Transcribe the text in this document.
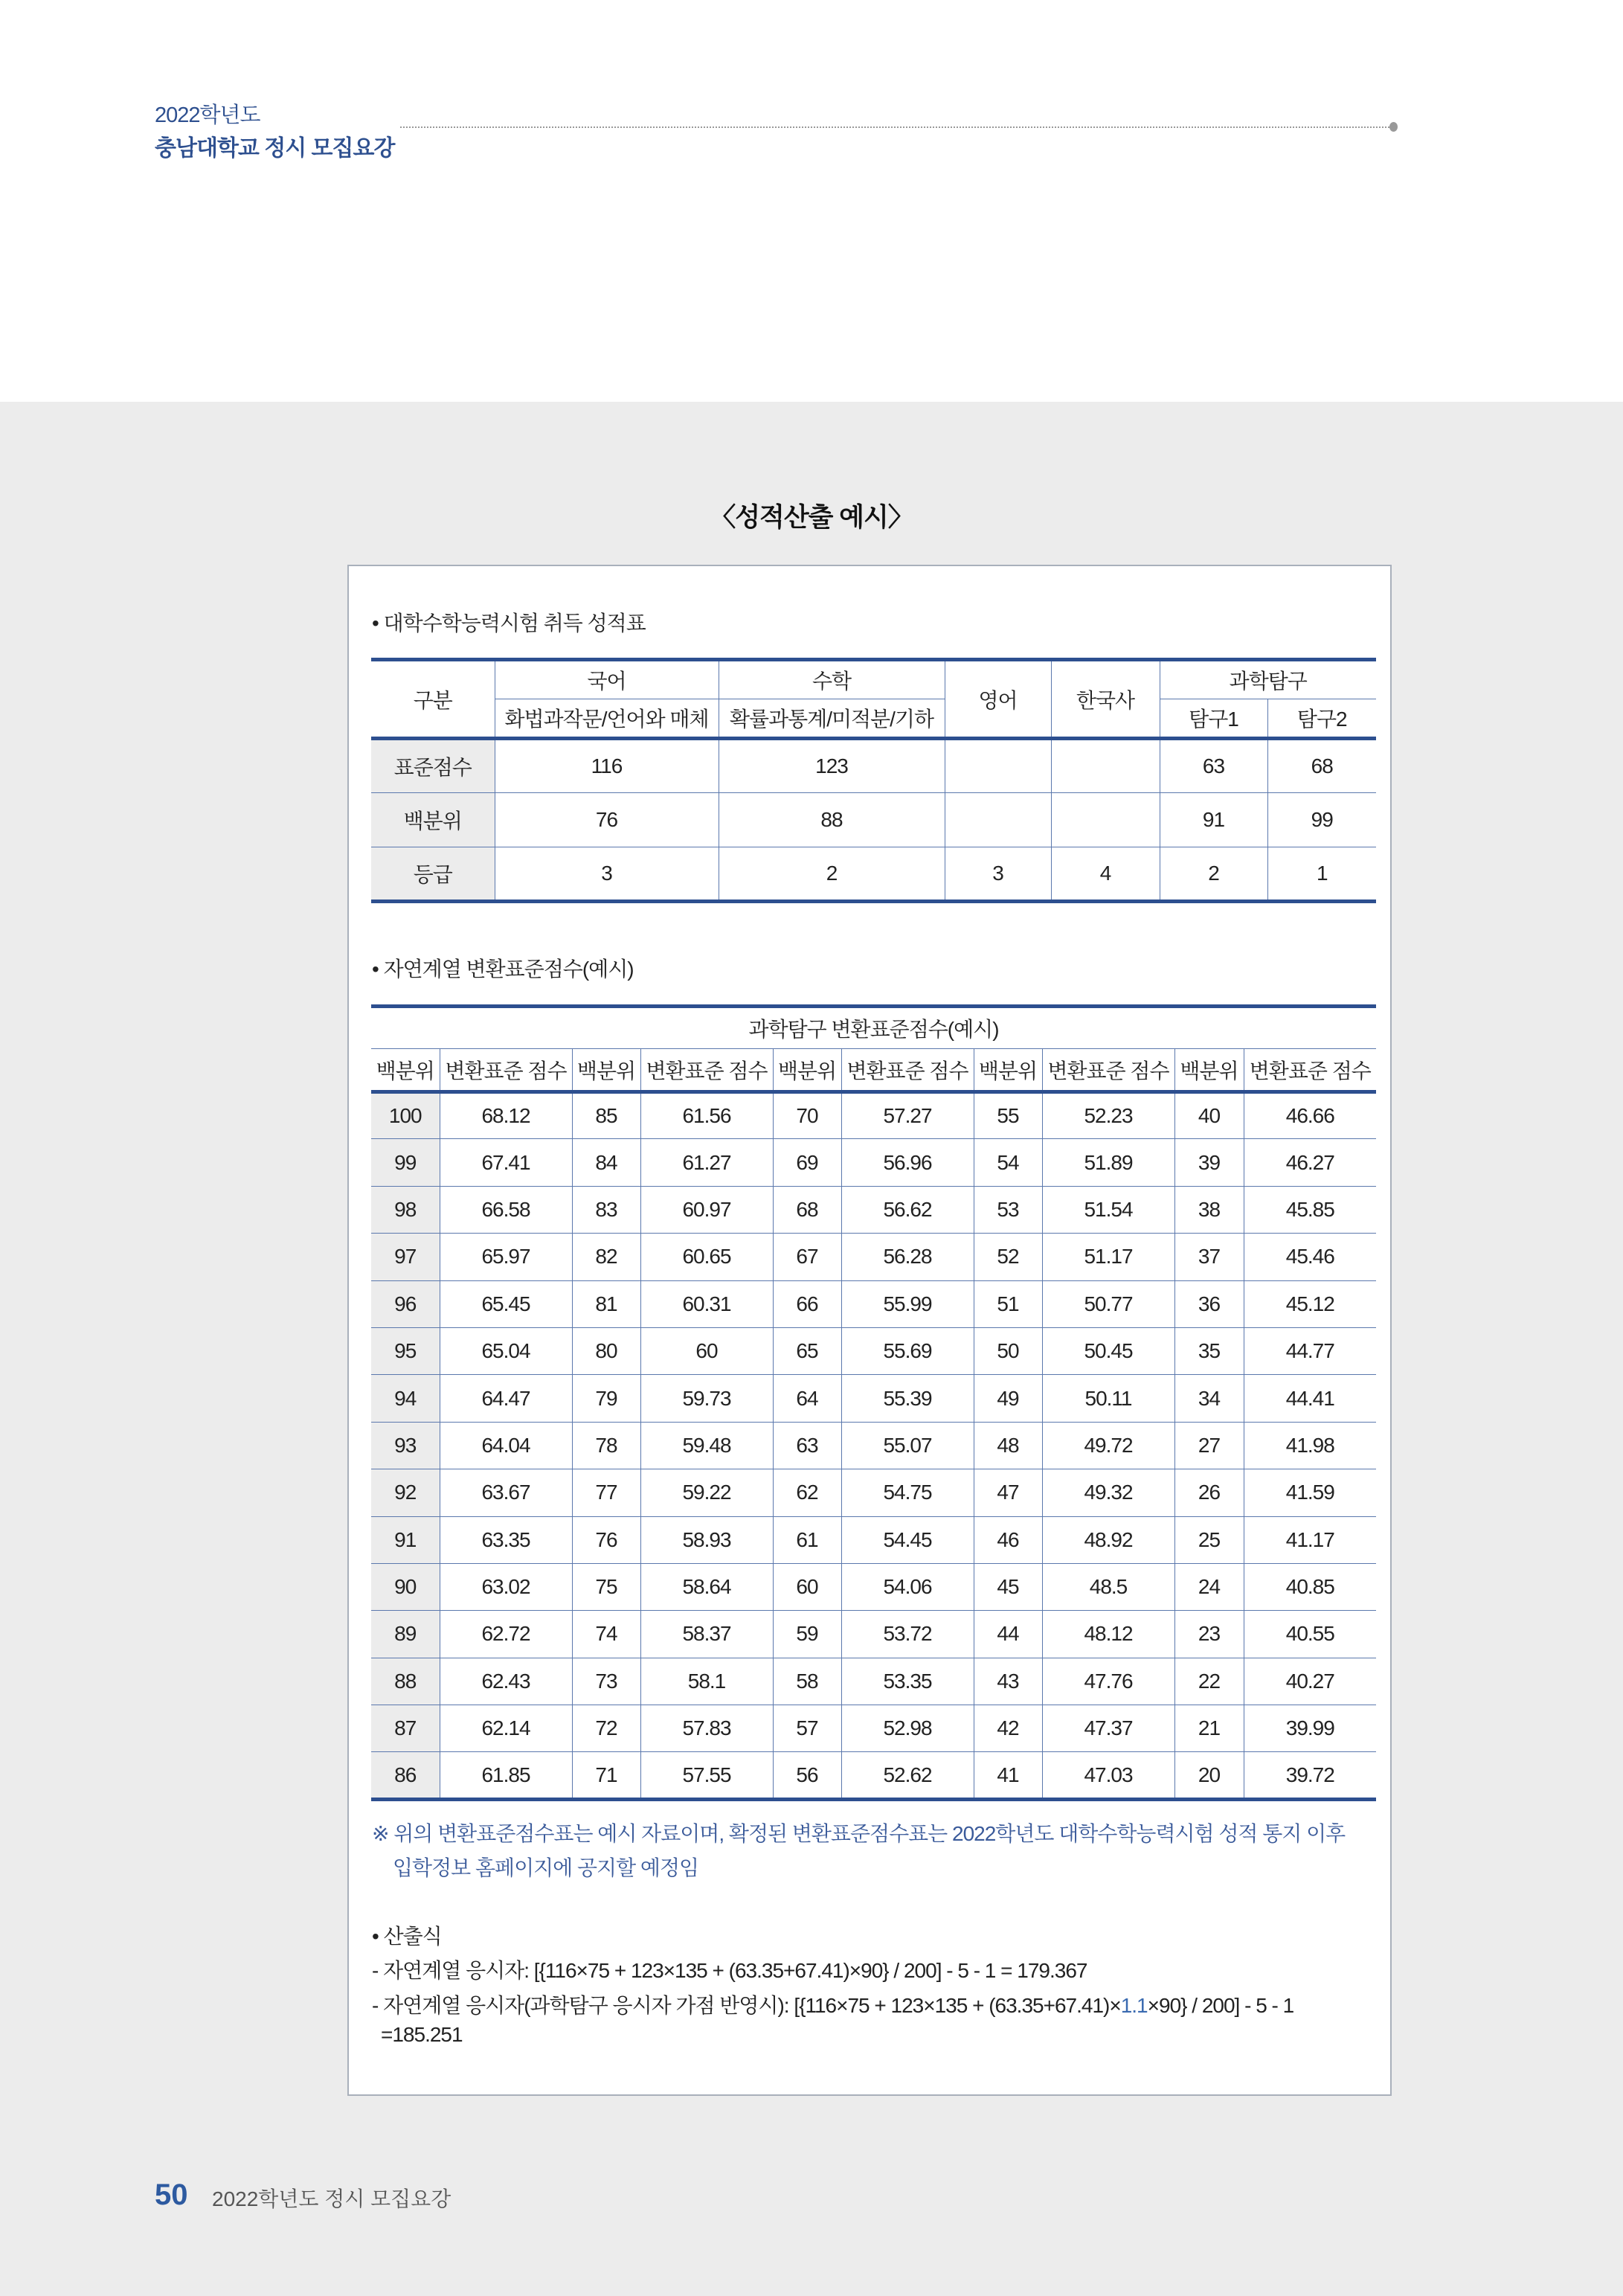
2022학년도
충남대학교 정시 모집요강
〈성적산출 예시〉
• 대학수학능력시험 취득 성적표
구분	국어	수학	영어	한국사	과학탐구	
	화법과작문/언어와 매체	확률과통계/미적분/기하			탐구1	탐구2
표준점수	116	123			63	68
백분위	76	88			91	99
등급	3	2	3	4	2	1
• 자연계열 변환표준점수(예시)
과학탐구 변환표준점수(예시)									
백분위	변환표준 점수	백분위	변환표준 점수	백분위	변환표준 점수	백분위	변환표준 점수	백분위	변환표준 점수
100	68.12	85	61.56	70	57.27	55	52.23	40	46.66
99	67.41	84	61.27	69	56.96	54	51.89	39	46.27
98	66.58	83	60.97	68	56.62	53	51.54	38	45.85
97	65.97	82	60.65	67	56.28	52	51.17	37	45.46
96	65.45	81	60.31	66	55.99	51	50.77	36	45.12
95	65.04	80	60	65	55.69	50	50.45	35	44.77
94	64.47	79	59.73	64	55.39	49	50.11	34	44.41
93	64.04	78	59.48	63	55.07	48	49.72	27	41.98
92	63.67	77	59.22	62	54.75	47	49.32	26	41.59
91	63.35	76	58.93	61	54.45	46	48.92	25	41.17
90	63.02	75	58.64	60	54.06	45	48.5	24	40.85
89	62.72	74	58.37	59	53.72	44	48.12	23	40.55
88	62.43	73	58.1	58	53.35	43	47.76	22	40.27
87	62.14	72	57.83	57	52.98	42	47.37	21	39.99
86	61.85	71	57.55	56	52.62	41	47.03	20	39.72
※ 위의 변환표준점수표는 예시 자료이며, 확정된 변환표준점수표는 2022학년도 대학수학능력시험 성적 통지 이후
입학정보 홈페이지에 공지할 예정임
• 산출식
- 자연계열 응시자: [{116×75 + 123×135 + (63.35+67.41)×90} / 200] - 5 - 1 = 179.367
- 자연계열 응시자(과학탐구 응시자 가점 반영시): [{116×75 + 123×135 + (63.35+67.41)×1.1×90} / 200] - 5 - 1
=185.251
50 2022학년도 정시 모집요강
